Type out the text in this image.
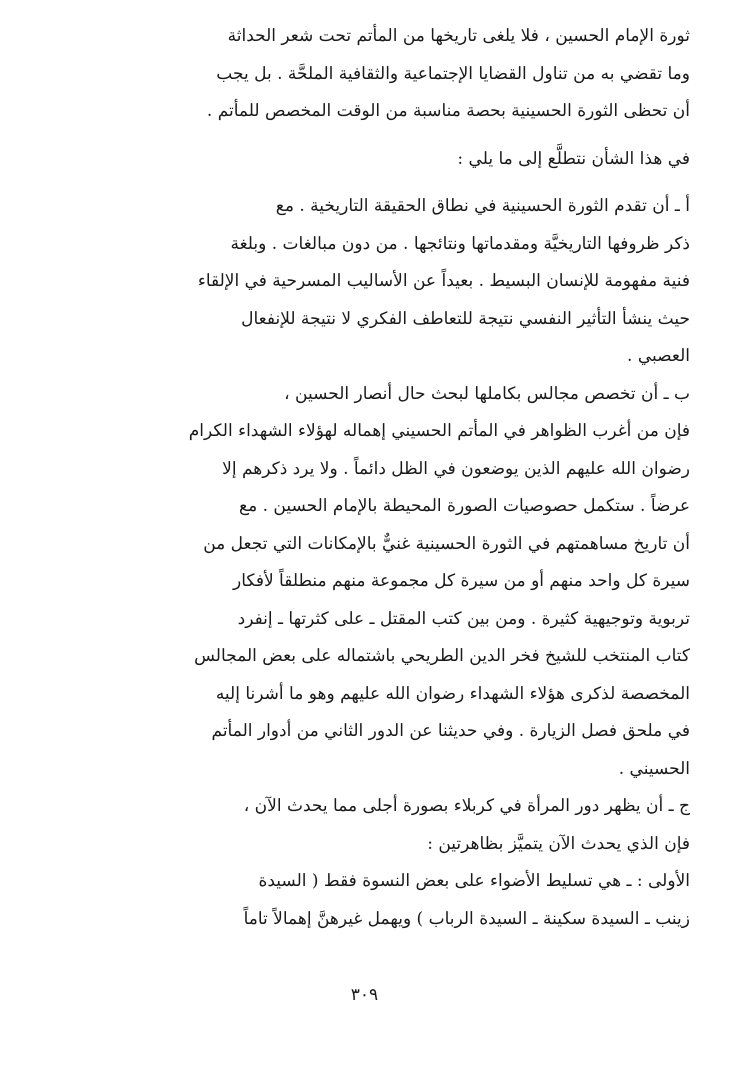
ثورة الإمام الحسين ، فلا يلغى تاريخها من المأتم تحت شعر الحداثة
وما تقضي به من تناول القضايا الإجتماعية والثقافية الملحَّة . بل يجب
أن تحظى الثورة الحسينية بحصة مناسبة من الوقت المخصص للمأتم .
في هذا الشأن نتطلَّع إلى ما يلي :
أ ـ أن تقدم الثورة الحسينية في نطاق الحقيقة التاريخية . مع
ذكر ظروفها التاريخيَّة ومقدماتها ونتائجها . من دون مبالغات . وبلغة
فنية مفهومة للإنسان البسيط . بعيداً عن الأساليب المسرحية في الإلقاء
حيث ينشأ التأثير النفسي نتيجة للتعاطف الفكري لا نتيجة للإنفعال
العصبي .
ب ـ أن تخصص مجالس بكاملها لبحث حال أنصار الحسين ،
فإن من أغرب الظواهر في المأتم الحسيني إهماله لهؤلاء الشهداء الكرام
رضوان الله عليهم الذين يوضعون في الظل دائماً . ولا يرد ذكرهم إلا
عرضاً . ستكمل حصوصيات الصورة المحيطة بالإمام الحسين . مع
أن تاريخ مساهمتهم في الثورة الحسينية غنيٌّ بالإمكانات التي تجعل من
سيرة كل واحد منهم أو من سيرة كل مجموعة منهم منطلقاً لأفكار
تربوية وتوجيهية كثيرة . ومن بين كتب المقتل ـ على كثرتها ـ إنفرد
كتاب المنتخب للشيخ فخر الدين الطريحي باشتماله على بعض المجالس
المخصصة لذكرى هؤلاء الشهداء رضوان الله عليهم وهو ما أشرنا إليه
في ملحق فصل الزيارة . وفي حديثنا عن الدور الثاني من أدوار المأتم
الحسيني .
ج ـ أن يظهر دور المرأة في كربلاء بصورة أجلى مما يحدث الآن ،
فإن الذي يحدث الآن يتميَّز بظاهرتين :
الأولى : ـ هي تسليط الأضواء على بعض النسوة فقط ( السيدة
زينب ـ السيدة سكينة ـ السيدة الرباب ) ويهمل غيرهنَّ إهمالاً تاماً
٣٠٩
